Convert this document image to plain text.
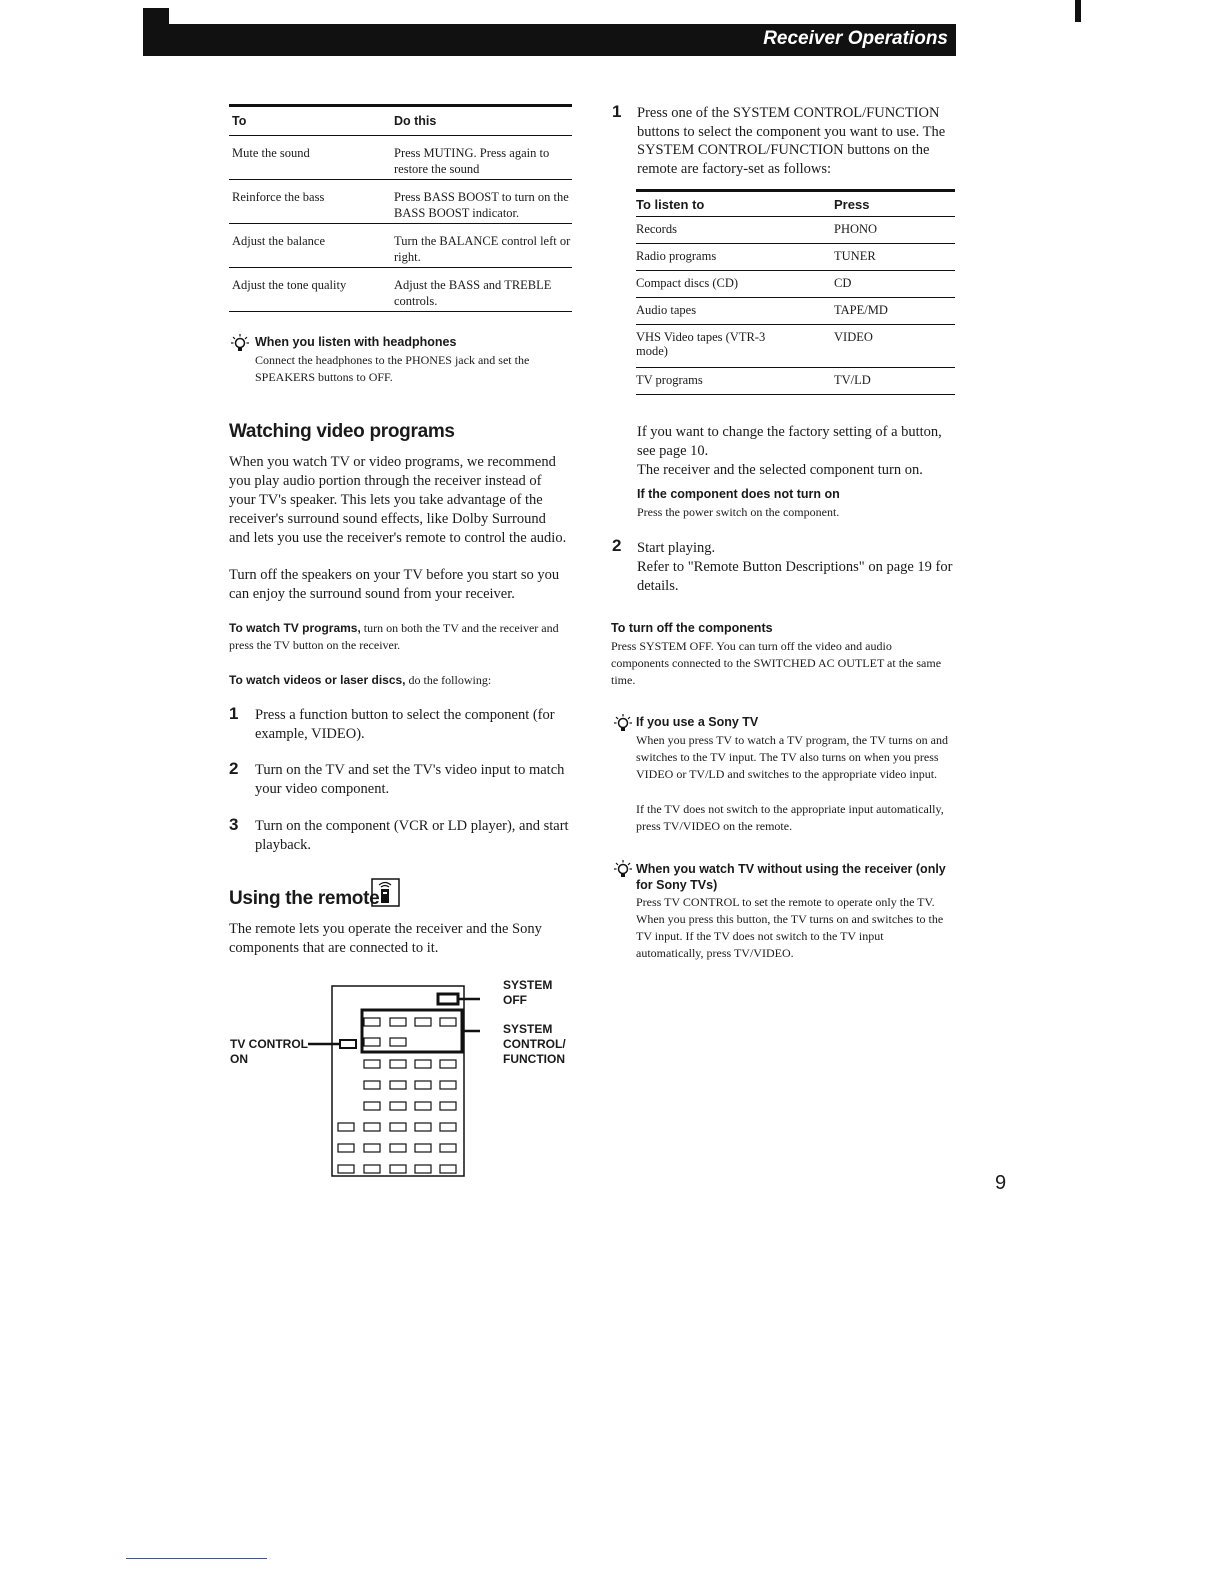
Receiver Operations
To	Do this
Mute the sound	Press MUTING. Press again to restore the sound
Reinforce the bass	Press BASS BOOST to turn on the BASS BOOST indicator.
Adjust the balance	Turn the BALANCE control left or right.
Adjust the tone quality	Adjust the BASS and TREBLE controls.
When you listen with headphones
Connect the headphones to the PHONES jack and set the SPEAKERS buttons to OFF.
Watching video programs
When you watch TV or video programs, we recommend you play audio portion through the receiver instead of your TV's speaker. This lets you take advantage of the receiver's surround sound effects, like Dolby Surround and lets you use the receiver's remote to control the audio.
Turn off the speakers on your TV before you start so you can enjoy the surround sound from your receiver.
To watch TV programs, turn on both the TV and the receiver and press the TV button on the receiver.
To watch videos or laser discs, do the following:
1 Press a function button to select the component (for example, VIDEO).
2 Turn on the TV and set the TV's video input to match your video component.
3 Turn on the component (VCR or LD player), and start playback.
Using the remote
The remote lets you operate the receiver and the Sony components that are connected to it.
SYSTEM
OFF
SYSTEM
CONTROL/
FUNCTION
TV CONTROL
ON
1 Press one of the SYSTEM CONTROL/FUNCTION buttons to select the component you want to use. The SYSTEM CONTROL/FUNCTION buttons on the remote are factory-set as follows:
To listen to	Press
Records	PHONO
Radio programs	TUNER
Compact discs (CD)	CD
Audio tapes	TAPE/MD
VHS Video tapes (VTR-3 mode)	VIDEO
TV programs	TV/LD
If you want to change the factory setting of a button, see page 10.
The receiver and the selected component turn on.
If the component does not turn on
Press the power switch on the component.
2 Start playing.
Refer to "Remote Button Descriptions" on page 19 for details.
To turn off the components
Press SYSTEM OFF. You can turn off the video and audio components connected to the SWITCHED AC OUTLET at the same time.
If you use a Sony TV
When you press TV to watch a TV program, the TV turns on and switches to the TV input. The TV also turns on when you press VIDEO or TV/LD and switches to the appropriate video input.
If the TV does not switch to the appropriate input automatically, press TV/VIDEO on the remote.
When you watch TV without using the receiver (only for Sony TVs)
Press TV CONTROL to set the remote to operate only the TV. When you press this button, the TV turns on and switches to the TV input. If the TV does not switch to the TV input automatically, press TV/VIDEO.
9
